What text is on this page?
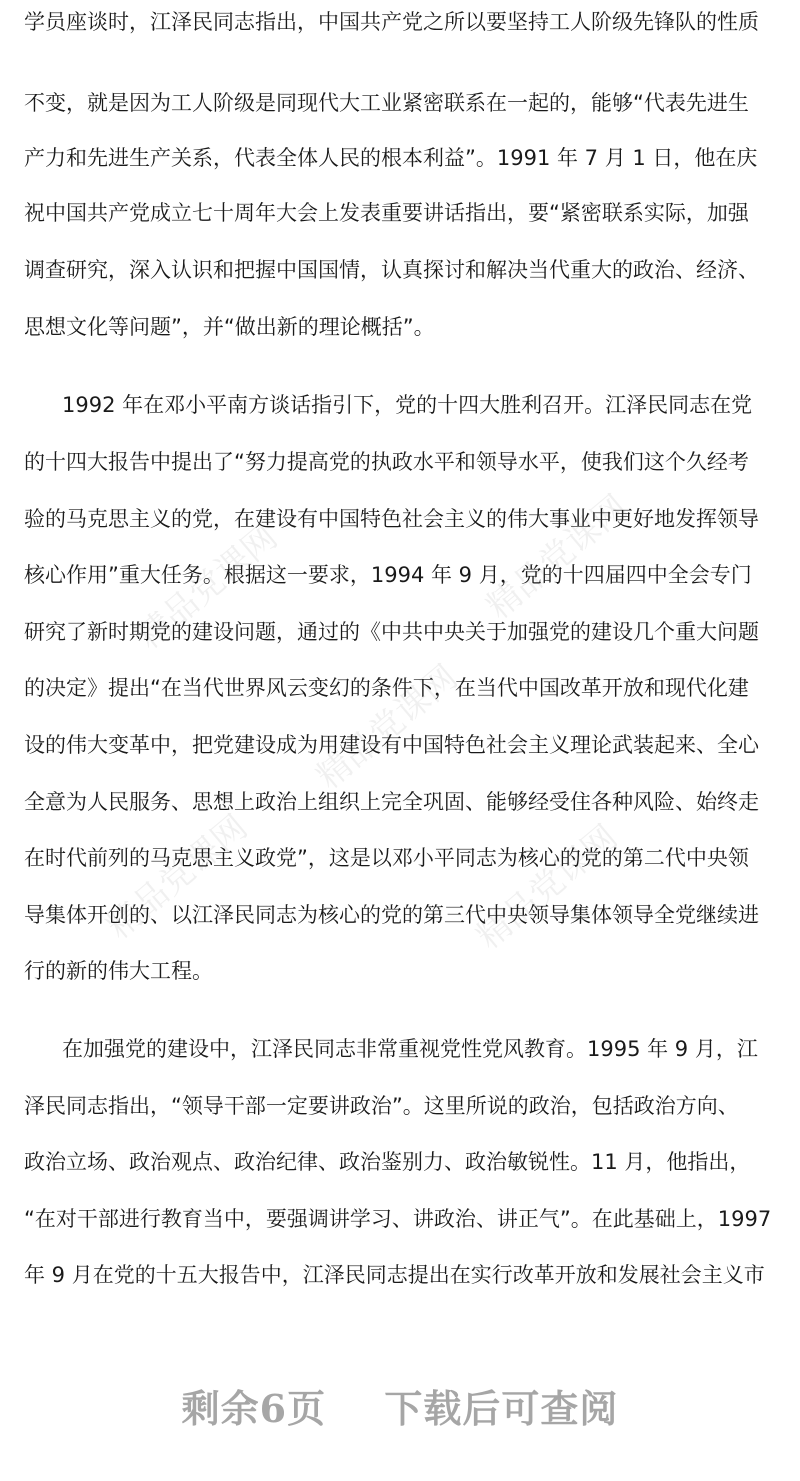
精品党课网	精品党课网
精品党课网
精品党课网	精品党课网
学员座谈时，江泽民同志指出，中国共产党之所以要坚持工人阶级先锋队的性质
不变，就是因为工人阶级是同现代大工业紧密联系在一起的，能够“代表先进生
产力和先进生产关系，代表全体人民的根本利益”。1991 年 7 月 1 日，他在庆
祝中国共产党成立七十周年大会上发表重要讲话指出，要“紧密联系实际，加强
调查研究，深入认识和把握中国国情，认真探讨和解决当代重大的政治、经济、
思想文化等问题”，并“做出新的理论概括”。
1992 年在邓小平南方谈话指引下，党的十四大胜利召开。江泽民同志在党
的十四大报告中提出了“努力提高党的执政水平和领导水平，使我们这个久经考
验的马克思主义的党，在建设有中国特色社会主义的伟大事业中更好地发挥领导
核心作用”重大任务。根据这一要求，1994 年 9 月，党的十四届四中全会专门
研究了新时期党的建设问题，通过的《中共中央关于加强党的建设几个重大问题
的决定》提出“在当代世界风云变幻的条件下，在当代中国改革开放和现代化建
设的伟大变革中，把党建设成为用建设有中国特色社会主义理论武装起来、全心
全意为人民服务、思想上政治上组织上完全巩固、能够经受住各种风险、始终走
在时代前列的马克思主义政党”，这是以邓小平同志为核心的党的第二代中央领
导集体开创的、以江泽民同志为核心的党的第三代中央领导集体领导全党继续进
行的新的伟大工程。
在加强党的建设中，江泽民同志非常重视党性党风教育。1995 年 9 月，江
泽民同志指出，“领导干部一定要讲政治”。这里所说的政治，包括政治方向、
政治立场、政治观点、政治纪律、政治鉴别力、政治敏锐性。11 月，他指出，
“在对干部进行教育当中，要强调讲学习、讲政治、讲正气”。在此基础上，1997
年 9 月在党的十五大报告中，江泽民同志提出在实行改革开放和发展社会主义市
剩余6页 下载后可查阅
